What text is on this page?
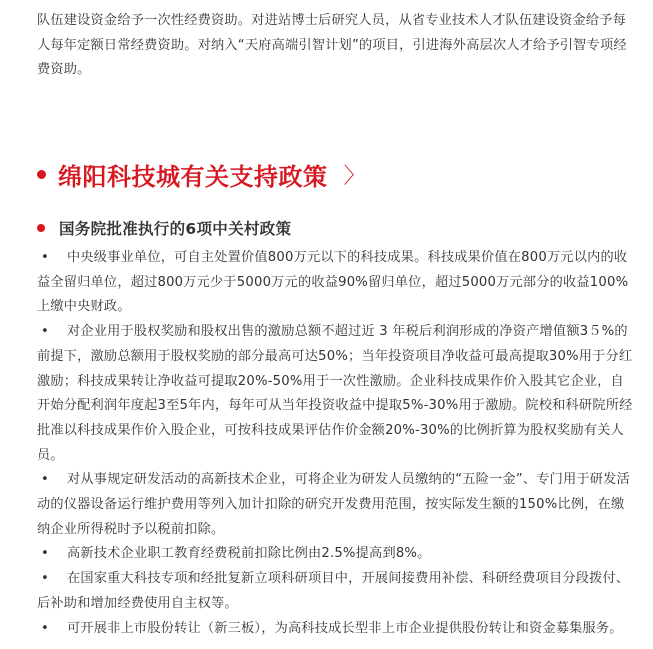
队伍建设资金给予一次性经费资助。对进站博士后研究人员，从省专业技术人才队伍建设资金给予每人每年定额日常经费资助。对纳入“天府高端引智计划”的项目，引进海外高层次人才给予引智专项经费资助。

绵阳科技城有关支持政策 〉
国务院批准执行的6项中关村政策
• 中央级事业单位，可自主处置价值800万元以下的科技成果。科技成果价值在800万元以内的收益全留归单位，超过800万元少于5000万元的收益90%留归单位，超过5000万元部分的收益100%上缴中央财政。
• 对企业用于股权奖励和股权出售的激励总额不超过近 3 年税后利润形成的净资产增值额3５%的前提下，激励总额用于股权奖励的部分最高可达50%；当年投资项目净收益可最高提取30%用于分红激励；科技成果转让净收益可提取20%-50%用于一次性激励。企业科技成果作价入股其它企业，自开始分配利润年度起3至5年内，每年可从当年投资收益中提取5%-30%用于激励。院校和科研院所经批准以科技成果作价入股企业，可按科技成果评估作价金额20%-30%的比例折算为股权奖励有关人员。
• 对从事规定研发活动的高新技术企业，可将企业为研发人员缴纳的“五险一金”、专门用于研发活动的仪器设备运行维护费用等列入加计扣除的研究开发费用范围，按实际发生额的150%比例，在缴纳企业所得税时予以税前扣除。
• 高新技术企业职工教育经费税前扣除比例由2.5%提高到8%。
• 在国家重大科技专项和经批复新立项科研项目中，开展间接费用补偿、科研经费项目分段拨付、后补助和增加经费使用自主权等。
• 可开展非上市股份转让（新三板），为高科技成长型非上市企业提供股份转让和资金募集服务。
